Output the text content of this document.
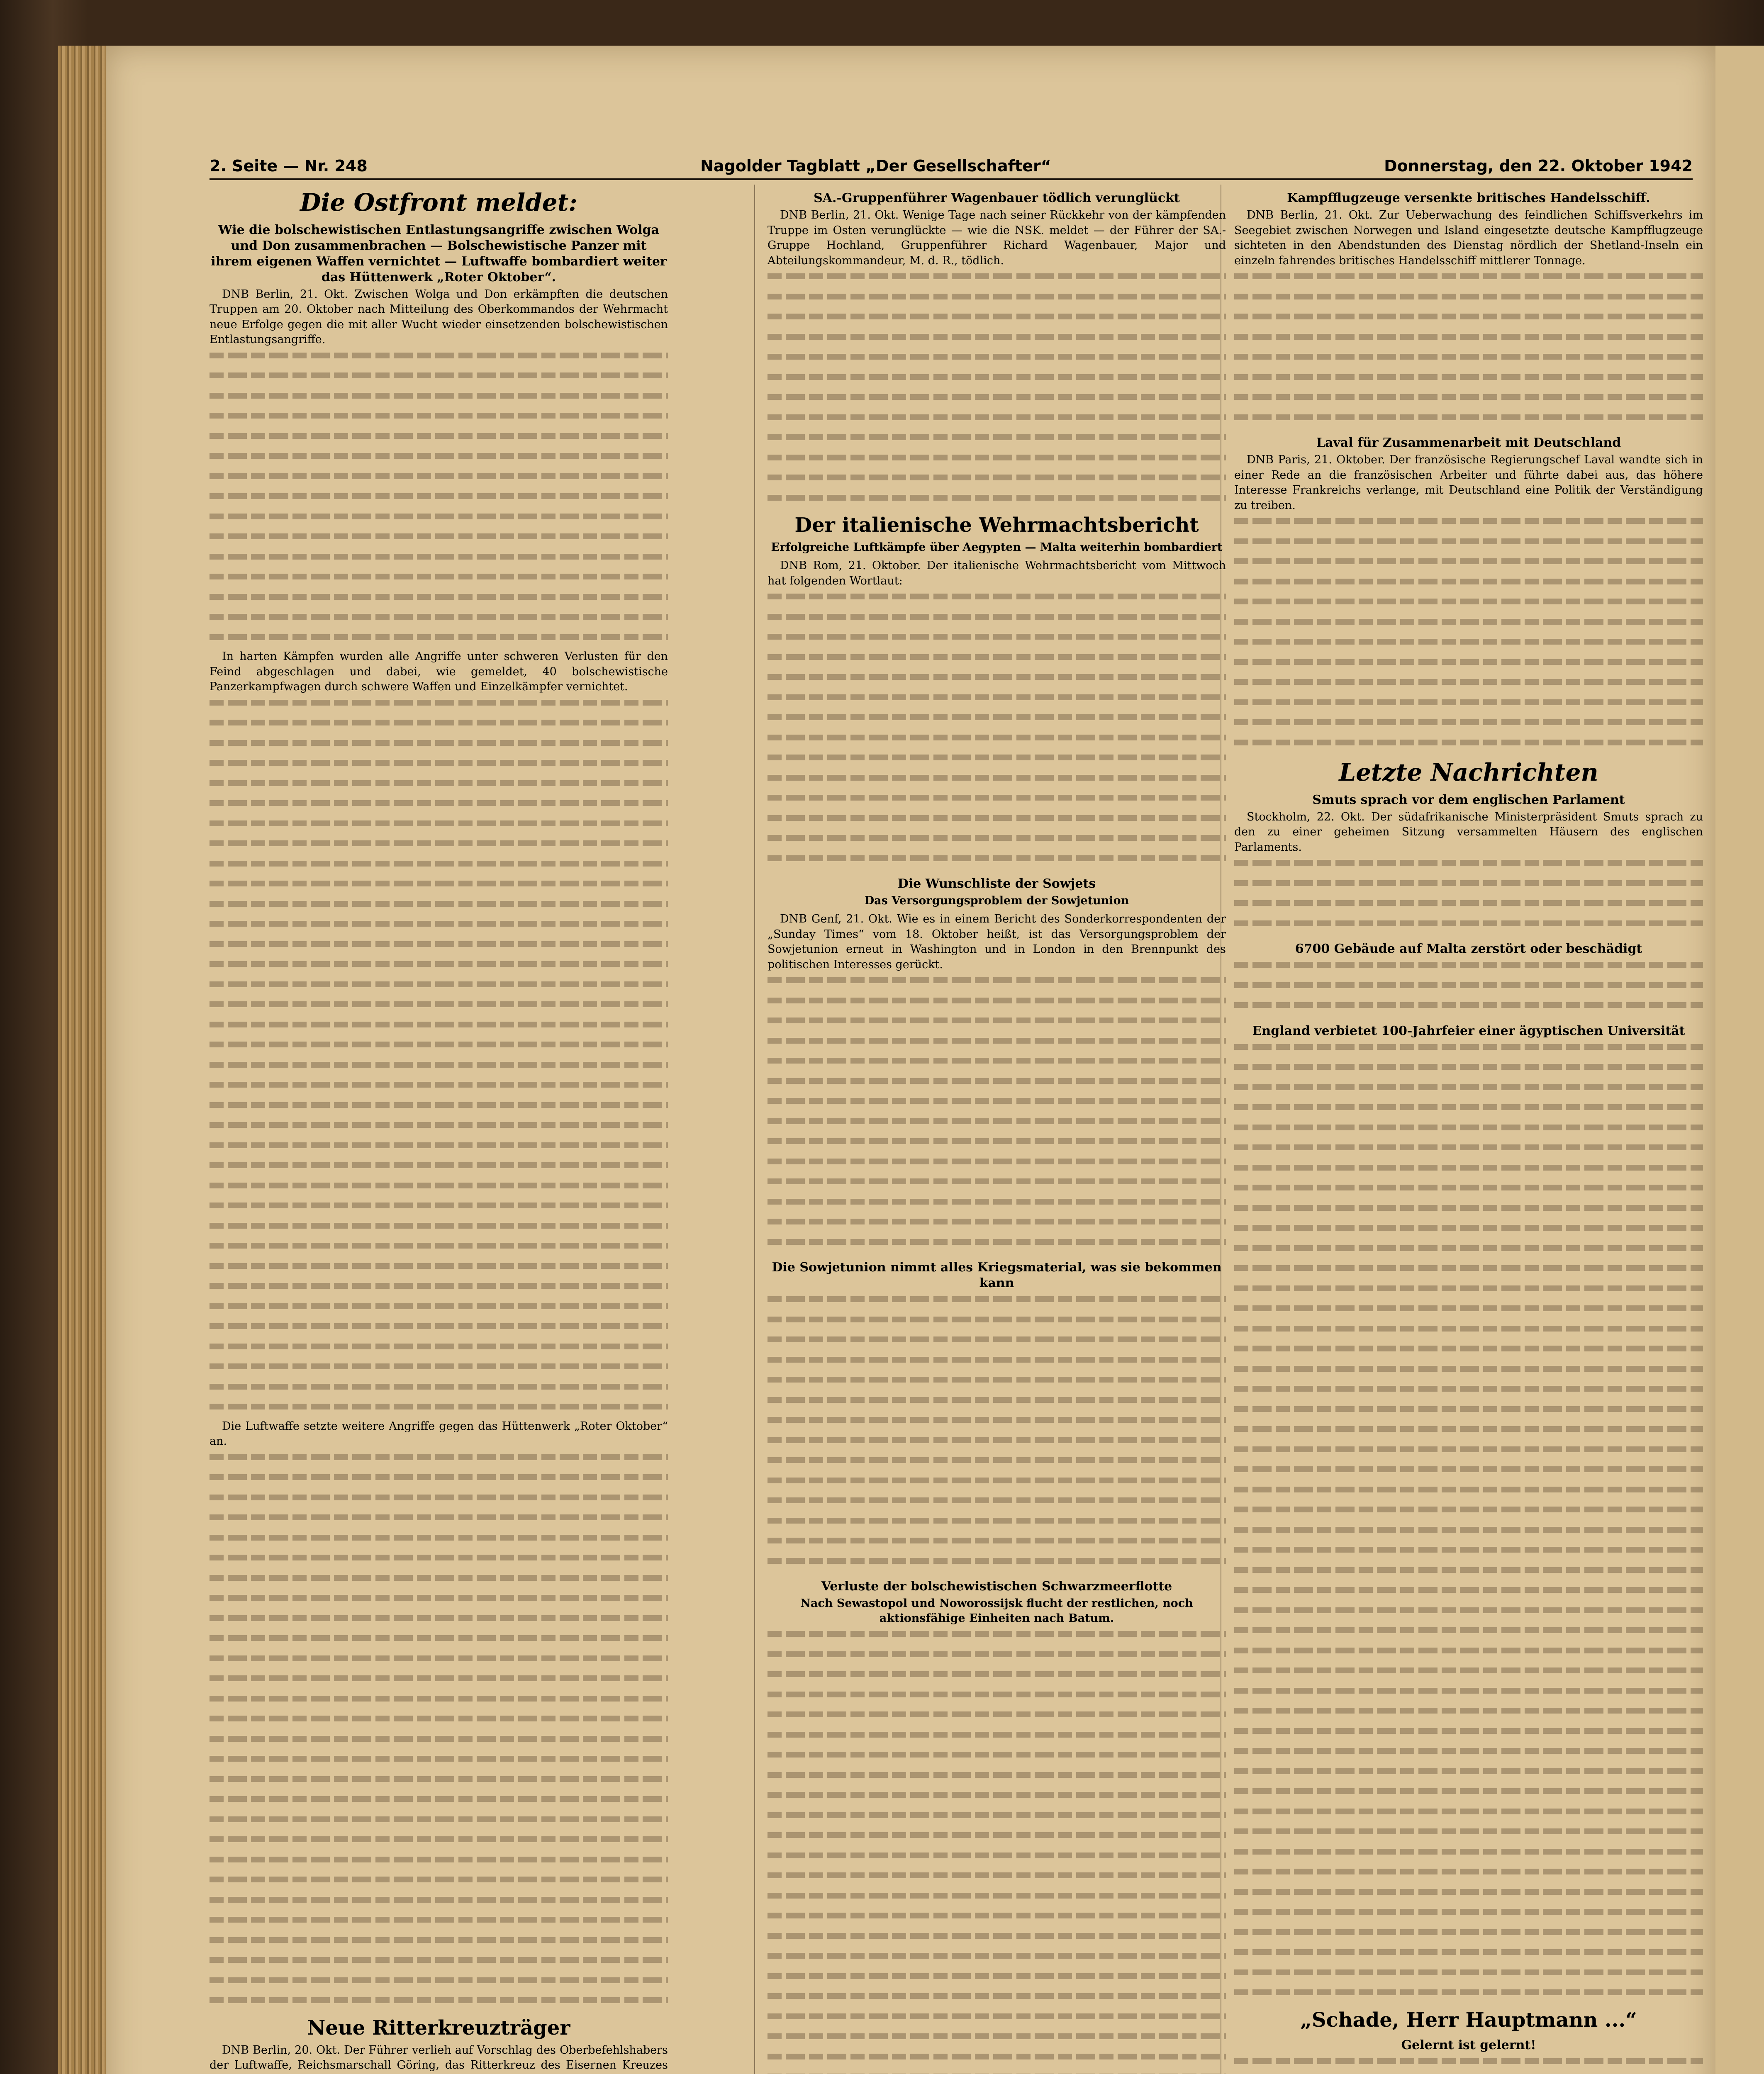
2. Seite — Nr. 248	Nagolder Tagblatt „Der Gesellschafter“	Donnerstag, den 22. Oktober 1942
Die Ostfront meldet:
Wie die bolschewistischen Entlastungsangriffe zwischen Wolga und Don zusammenbrachen — Bolschewistische Panzer mit ihrem eigenen Waffen vernichtet — Luftwaffe bombardiert weiter das Hüttenwerk „Roter Oktober“.

DNB Berlin, 21. Okt. Zwischen Wolga und Don erkämpften die deutschen Truppen am 20. Oktober nach Mitteilung des Oberkommandos der Wehrmacht neue Erfolge gegen die mit aller Wucht wieder einsetzenden bolschewistischen Entlastungsangriffe.

In harten Kämpfen wurden alle Angriffe unter schweren Verlusten für den Feind abgeschlagen und dabei, wie gemeldet, 40 bolschewistische Panzerkampfwagen durch schwere Waffen und Einzelkämpfer vernichtet.

Die Luftwaffe setzte weitere Angriffe gegen das Hüttenwerk „Roter Oktober“ an.

Neue Ritterkreuzträger

DNB Berlin, 20. Okt. Der Führer verlieh auf Vorschlag des Oberbefehlshabers der Luftwaffe, Reichsmarschall Göring, das Ritterkreuz des Eisernen Kreuzes

SA.-Gruppenführer Wagenbauer tödlich verunglückt

DNB Berlin, 21. Okt. Wenige Tage nach seiner Rückkehr von der kämpfenden Truppe im Osten verunglückte — wie die NSK. meldet — der Führer der SA.-Gruppe Hochland, Gruppenführer Richard Wagenbauer, Major und Abteilungskommandeur, M. d. R., tödlich.

Der italienische Wehrmachtsbericht
Erfolgreiche Luftkämpfe über Aegypten — Malta weiterhin bombardiert

DNB Rom, 21. Oktober. Der italienische Wehrmachtsbericht vom Mittwoch hat folgenden Wortlaut:

Die Wunschliste der Sowjets
Das Versorgungsproblem der Sowjetunion

DNB Genf, 21. Okt. Wie es in einem Bericht des Sonderkorrespondenten der „Sunday Times“ vom 18. Oktober heißt, ist das Versorgungsproblem der Sowjetunion erneut in Washington und in London in den Brennpunkt des politischen Interesses gerückt.

Die Sowjetunion nimmt alles Kriegsmaterial, was sie bekommen kann
Verluste der bolschewistischen Schwarzmeerflotte
Nach Sewastopol und Noworossijsk flucht der restlichen, noch aktionsfähige Einheiten nach Batum.
Kampfflugzeuge versenkte britisches Handelsschiff.

DNB Berlin, 21. Okt. Zur Ueberwachung des feindlichen Schiffsverkehrs im Seegebiet zwischen Norwegen und Island eingesetzte deutsche Kampfflugzeuge sichteten in den Abendstunden des Dienstag nördlich der Shetland-Inseln ein einzeln fahrendes britisches Handelsschiff mittlerer Tonnage.

Laval für Zusammenarbeit mit Deutschland

DNB Paris, 21. Oktober. Der französische Regierungschef Laval wandte sich in einer Rede an die französischen Arbeiter und führte dabei aus, das höhere Interesse Frankreichs verlange, mit Deutschland eine Politik der Verständigung zu treiben.

Letzte Nachrichten
Smuts sprach vor dem englischen Parlament

Stockholm, 22. Okt. Der südafrikanische Ministerpräsident Smuts sprach zu den zu einer geheimen Sitzung versammelten Häusern des englischen Parlaments.

6700 Gebäude auf Malta zerstört oder beschädigt
England verbietet 100-Jahrfeier einer ägyptischen Universität
„Schade, Herr Hauptmann ...“
Gelernt ist gelernt!
